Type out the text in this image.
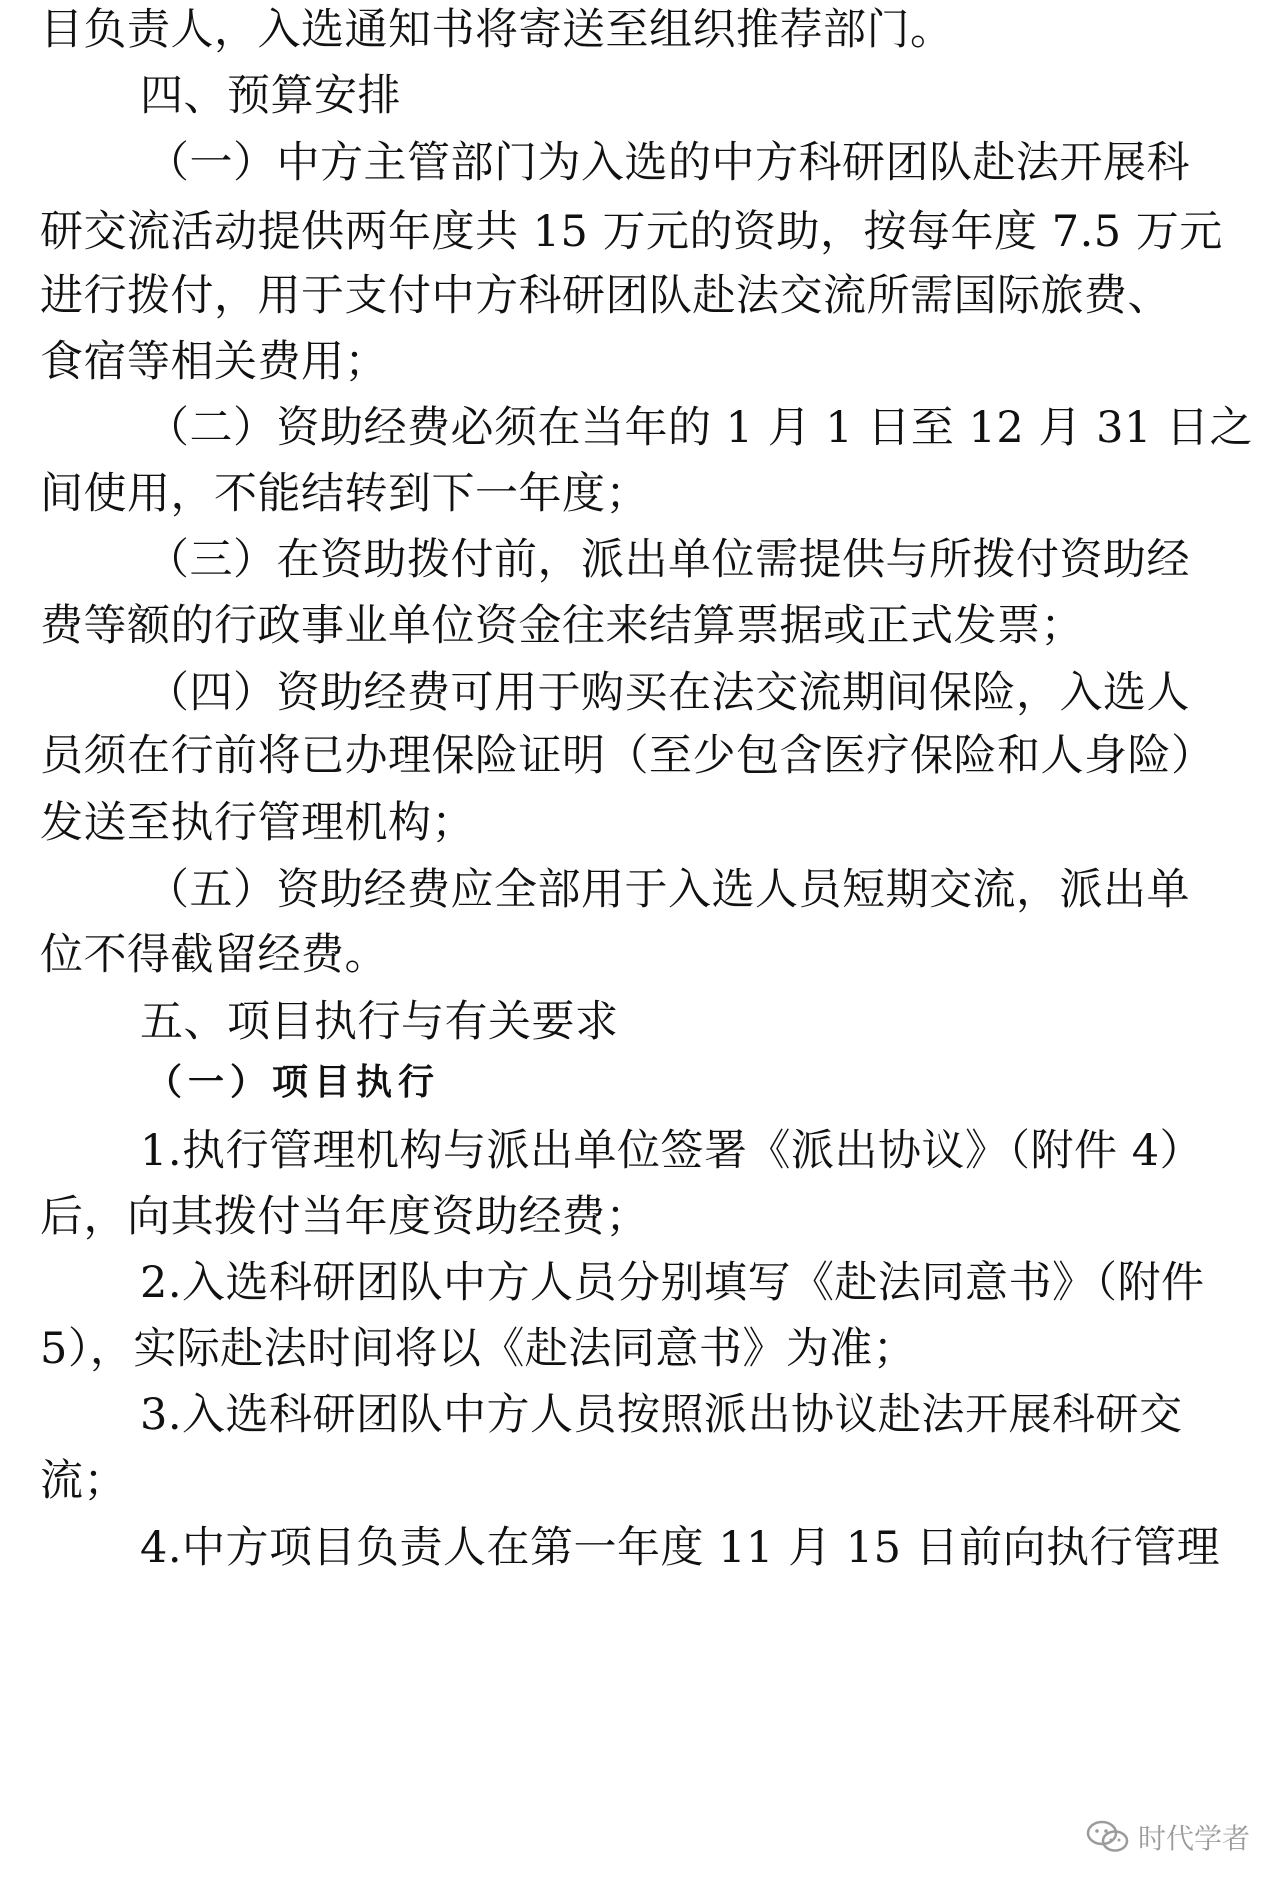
目负责人，入选通知书将寄送至组织推荐部门。
四、预算安排
（一）中方主管部门为入选的中方科研团队赴法开展科
研交流活动提供两年度共 15 万元的资助，按每年度 7.5 万元
进行拨付，用于支付中方科研团队赴法交流所需国际旅费、
食宿等相关费用；
（二）资助经费必须在当年的 1 月 1 日至 12 月 31 日之
间使用，不能结转到下一年度；
（三）在资助拨付前，派出单位需提供与所拨付资助经
费等额的行政事业单位资金往来结算票据或正式发票；
（四）资助经费可用于购买在法交流期间保险，入选人
员须在行前将已办理保险证明（至少包含医疗保险和人身险）
发送至执行管理机构；
（五）资助经费应全部用于入选人员短期交流，派出单
位不得截留经费。
五、项目执行与有关要求
（一）项目执行
1.执行管理机构与派出单位签署《派出协议》（附件 4）
后，向其拨付当年度资助经费；
2.入选科研团队中方人员分别填写《赴法同意书》（附件
5），实际赴法时间将以《赴法同意书》为准；
3.入选科研团队中方人员按照派出协议赴法开展科研交
流；
4.中方项目负责人在第一年度 11 月 15 日前向执行管理
时代学者
